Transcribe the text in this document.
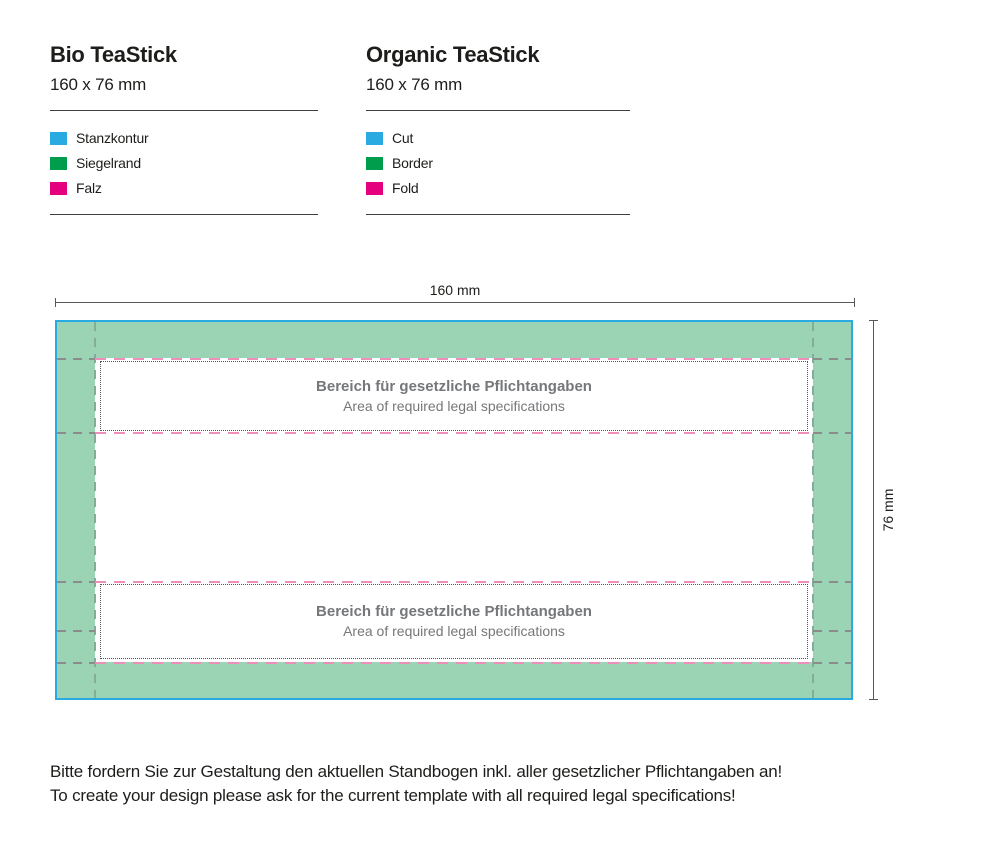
Bio TeaStick
160 x 76 mm
Stanzkontur
Siegelrand
Falz
Organic TeaStick
160 x 76 mm
Cut
Border
Fold
160 mm
76 mm
Bereich für gesetzliche Pflichtangaben
Area of required legal specifications
Bereich für gesetzliche Pflichtangaben
Area of required legal specifications
Bitte fordern Sie zur Gestaltung den aktuellen Standbogen inkl. aller gesetzlicher Pflichtangaben an!
To create your design please ask for the current template with all required legal specifications!
